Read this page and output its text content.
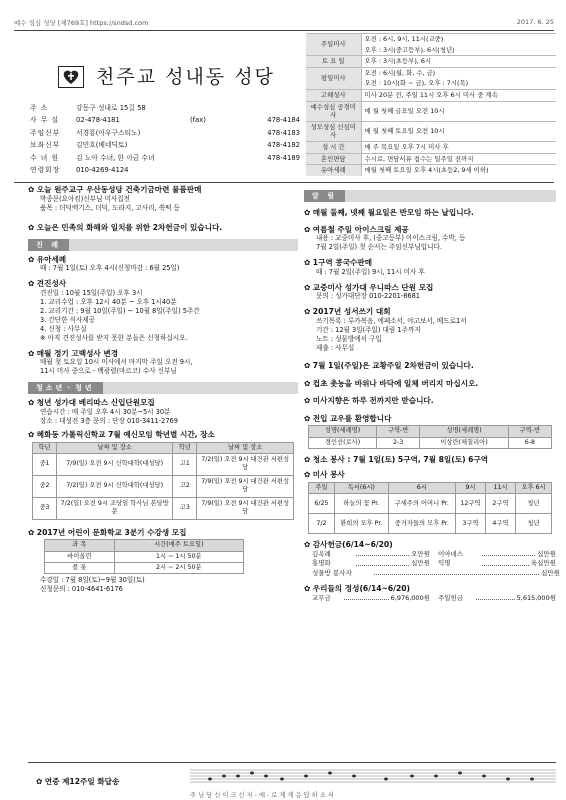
예수 성심 성당 [제769호] https://sndsd.com	2017. 6. 25
천주교 성내동 성당
주 소	강동구 성내로 15길 58
사 무 실	02-478-4181	(fax)	478-4184
주임신부	서경룡(아우구스티노)	478-4183
보좌신부	김민호(베네딕토)	478-4182
수 녀 원	김 노아 수녀, 한 아금 수녀	478-4189
연령회장	010-4269-4124
주일미사	오전 : 6시, 9시, 11시(교중)
	오후 : 3시(중고등부), 6시(청년)
토 요 일	오후 : 3시(초등부), 6시
평일미사	오전 : 6시(월, 화, 수, 금)
	오전 : 10시(화 ~ 금), 오후 : 7시(목)
고해성사	미사 20분 전, 주일 11시 오후 6시 미사 중 계속
예수성심 공경미사	매 월 첫째 금요일 오전 10시
성모성심 신심미사	매 월 첫째 토요일 오전 10시
성 시 간	매 주 목요일 오후 7시 미사 후
혼인면담	수시로, 면담서류 접수는 일주일 전까지
유아세례	매월 첫째 토요일 오후 4시(초등2, 9세 이하)
✿ 오늘 원주교구 우산동성당 건축기금마련 물품판매
박종문(요아킴)신부님 미사집전
품목 : 더덕엑기스, 더덕, 도라지, 고사리, 쑥떡 등
✿ 오늘은 민족의 화해와 일치를 위한 2차헌금이 있습니다.
진 례
✿ 유아세례
때 : 7월 1일(토) 오후 4시(신청마감 : 6월 25일)
✿ 견진성사
견진일 : 10월 15일(주일) 오후 3시
1. 교리수업 : 오후 12시 40분 ~ 오후 1시40분
2. 교리기간 : 9월 10일(주일) ~ 10월 8일(주일) 5주간
3. 간단한 식사제공
4. 신청 : 사무실
※ 아직 견진성사를 받지 못한 분들은 신청하십시오.
✿ 매월 정기 고백성사 변경
매월 첫 토요일 10시 미사에서 마지막 주일 오전 9시,
11시 미사 중으로 - 백광렬(마르코) 수사 신부님
청소년ㆍ청년
✿ 청년 성가대 베리따스 신입단원모집
연습시간 : 매 주일 오후 4시 30분~5시 30분
장소 : 대성전 3층 문의 : 단장 010-3411-2769
✿ 혜화동 가톨릭신학교 7월 예신모임 학년별 시간, 장소
학년	날짜 및 장소	학년	날짜 및 장소
중1	7/9(일) 오전 9시 신학대학(대성당)	고1	7/2(일) 오전 9시 대건관 서편성당
중2	7/2(일) 오전 9시 신학대학(대성당)	고2	7/9(일) 오전 9시 대건관 서편성당
중3	7/2(일) 오전 9시 조당임 학사님 본당방문	고3	7/9(일) 오전 9시 대건관 서편성당
✿ 2017년 어린이 문화학교 3분기 수강생 모집
과 목	시간(매주 토요일)
바이올린	1시 ~ 1시 50분
플 룻	2시 ~ 2시 50분
수강일 : 7월 8일(토)~9월 30일(토)
신청문의 : 010-4641-6176
알 림
✿ 매월 둘째, 넷째 월요일은 반모임 하는 날입니다.
✿ 여름철 주일 아이스크림 제공
내용 : 교중미사 후, (중고등부) 아이스크림, 수박, 등
7월 2일(주일) 첫 순서는 주임신부님입니다.
✿ 1구역 콩국수판매
때 : 7월 2일(주일) 9시, 11시 미사 후
✿ 교중미사 성가대 우니따스 단원 모집
문의 : 성가대단장 010-2201-8681
✿ 2017년 성서쓰기 대회
쓰기목록 : 루카복음, 에페소서, 야고보서, 베드로1서
기간 : 12월 3일(주일) 대림 1주까지
노트 : 성물방에서 구입
제출 : 사무실
✿ 7월 1일(주일)은 교황주일 2차헌금이 있습니다.
✿ 컵초 촛농을 바위나 바닥에 일체 버리지 마십시오.
✿ 미사지향은 하루 전까지만 받습니다.
✿ 전입 교우를 환영합니다
성명(세례명)	구역-반	성명(세례명)	구역-반
경인선(로사)	2-3	이상란(체칠리아)	6-8
✿ 청소 봉사 : 7월 1일(토) 5구역, 7월 8일(토) 6구역
✿ 미사 봉사
주일	독서(6시)	6시	9시	11시	오후 6시
6/25	하늘의 꽃 Pr.	구세주의 어머니 Pr.	12구역	2구역	청년
7/2	환희의 모후 Pr.	중거자들의 모후 Pr.	3구역	4구역	청년
✿ 감사헌금(6/14~6/20)
김옥례	오만원 이아녜스	십만원
홍명화	십만원 익명	육십만원
성물방 봉사자	십만원
✿ 우리들의 정성(6/14~6/20)
교무금	6,976,000원 주일헌금	5,615,000원
✿ 연중 제12주일 화답송
주 님 당 신 이 크 신 자 - 애 - 로 제 게 응 답 하 소 서
